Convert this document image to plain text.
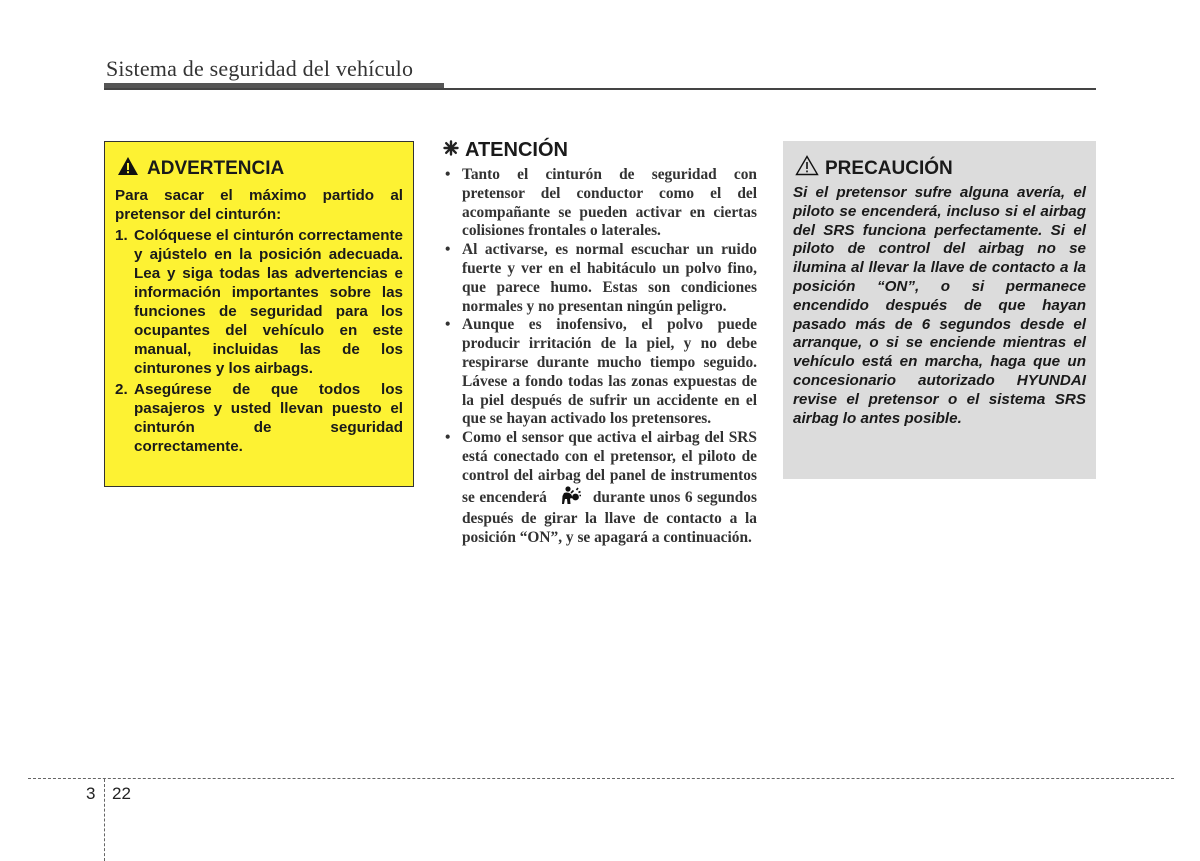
Sistema de seguridad del vehículo
ADVERTENCIA
Para sacar el máximo partido al pretensor del cinturón:
1. Colóquese el cinturón correctamente y ajústelo en la posición adecuada. Lea y siga todas las advertencias e información importantes sobre las funciones de seguridad para los ocupantes del vehículo en este manual, incluidas las de los cinturones y los airbags.
2. Asegúrese de que todos los pasajeros y usted llevan puesto el cinturón de seguridad correctamente.
ATENCIÓN
• Tanto el cinturón de seguridad con pretensor del conductor como el del acompañante se pueden activar en ciertas colisiones frontales o laterales.
• Al activarse, es normal escuchar un ruido fuerte y ver en el habitáculo un polvo fino, que parece humo. Estas son condiciones normales y no presentan ningún peligro.
• Aunque es inofensivo, el polvo puede producir irritación de la piel, y no debe respirarse durante mucho tiempo seguido. Lávese a fondo todas las zonas expuestas de la piel después de sufrir un accidente en el que se hayan activado los pretensores.
• Como el sensor que activa el airbag del SRS está conectado con el pretensor, el piloto de control del airbag del panel de instrumentos se encenderá	durante unos 6 segundos después de girar la llave de contacto a la posición “ON”, y se apagará a continuación.
PRECAUCIÓN
Si el pretensor sufre alguna avería, el piloto se encenderá, incluso si el airbag del SRS funciona perfectamente. Si el piloto de control del airbag no se ilumina al llevar la llave de contacto a la posición “ON”, o si permanece encendido después de que hayan pasado más de 6 segundos desde el arranque, o si se enciende mientras el vehículo está en marcha, haga que un concesionario autorizado HYUNDAI revise el pretensor o el sistema SRS airbag lo antes posible.
3 22
